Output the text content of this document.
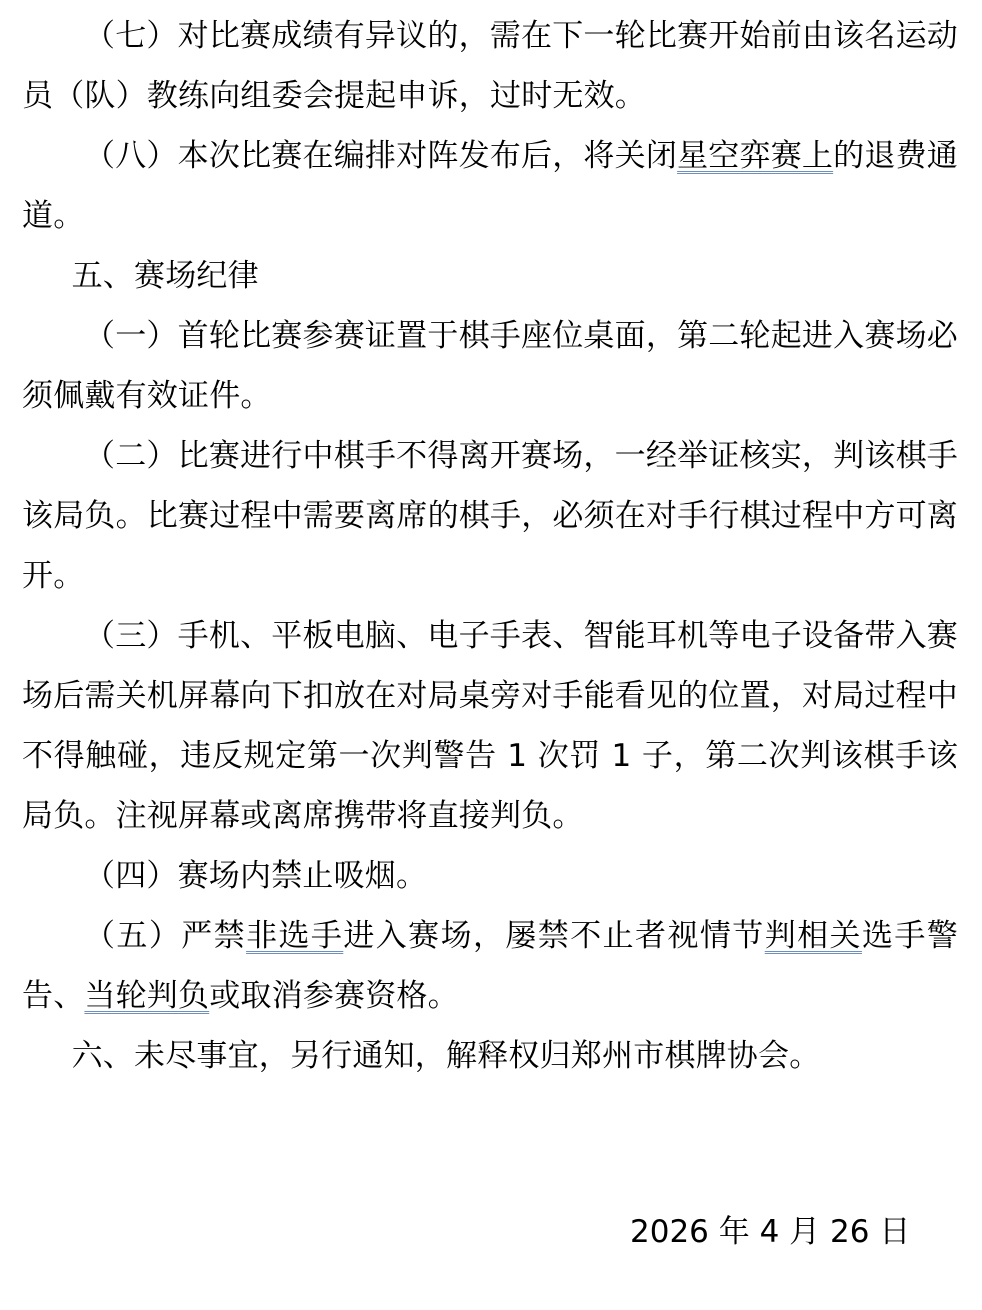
（七）对比赛成绩有异议的，需在下一轮比赛开始前由该名运动员（队）教练向组委会提起申诉，过时无效。

（八）本次比赛在编排对阵发布后，将关闭星空弈赛上的退费通道。

五、赛场纪律

（一）首轮比赛参赛证置于棋手座位桌面，第二轮起进入赛场必须佩戴有效证件。

（二）比赛进行中棋手不得离开赛场，一经举证核实，判该棋手该局负。比赛过程中需要离席的棋手，必须在对手行棋过程中方可离开。

（三）手机、平板电脑、电子手表、智能耳机等电子设备带入赛场后需关机屏幕向下扣放在对局桌旁对手能看见的位置，对局过程中不得触碰，违反规定第一次判警告 1 次罚 1 子，第二次判该棋手该局负。注视屏幕或离席携带将直接判负。

（四）赛场内禁止吸烟。

（五）严禁非选手进入赛场，屡禁不止者视情节判相关选手警告、当轮判负或取消参赛资格。

六、未尽事宜，另行通知，解释权归郑州市棋牌协会。

2026 年 4 月 26 日
